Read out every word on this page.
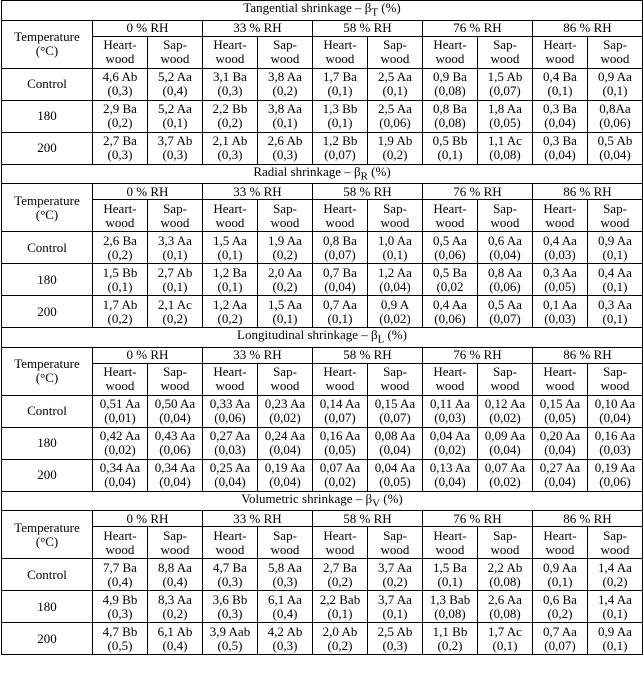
Tangential shrinkage – $\beta_T$ (%)										

Temperature
(°C)	0 % RH		33 % RH		58 % RH		76 % RH		86 % RH	

	Heart-
wood	Sap-
wood	Heart-
wood	Sap-
wood	Heart-
wood	Sap-
wood	Heart-
wood	Sap-
wood	Heart-
wood	Sap-
wood

Control	4,6 Ab
(0,3)	5,2 Aa
(0,4)	3,1 Ba
(0,3)	3,8 Aa
(0,2)	1,7 Ba
(0,1)	2,5 Aa
(0,1)	0,9 Ba
(0,08)	1,5 Ab
(0,07)	0,4 Ba
(0,1)	0,9 Aa
(0,1)

180	2,9 Ba
(0,2)	5,2 Aa
(0,1)	2,2 Bb
(0,2)	3,8 Aa
(0,1)	1,3 Bb
(0,1)	2,5 Aa
(0,06)	0,8 Ba
(0,08)	1,8 Aa
(0,05)	0,3 Ba
(0,04)	0,8Aa
(0,06)

200	2,7 Ba
(0,3)	3,7 Ab
(0,3)	2,1 Ab
(0,3)	2,6 Ab
(0,3)	1,2 Bb
(0,07)	1,9 Ab
(0,2)	0,5 Bb
(0,1)	1,1 Ac
(0,08)	0,3 Ba
(0,04)	0,5 Ab
(0,04)

Radial shrinkage – $\beta_R$ (%)										

Temperature
(°C)	0 % RH		33 % RH		58 % RH		76 % RH		86 % RH	

	Heart-
wood	Sap-
wood	Heart-
wood	Sap-
wood	Heart-
wood	Sap-
wood	Heart-
wood	Sap-
wood	Heart-
wood	Sap-
wood

Control	2,6 Ba
(0,2)	3,3 Aa
(0,1)	1,5 Aa
(0,1)	1,9 Aa
(0,2)	0,8 Ba
(0,07)	1,0 Aa
(0,1)	0,5 Aa
(0,06)	0,6 Aa
(0,04)	0,4 Aa
(0,03)	0,9 Aa
(0,1)

180	1,5 Bb
(0,1)	2,7 Ab
(0,1)	1,2 Ba
(0,1)	2,0 Aa
(0,2)	0,7 Ba
(0,04)	1,2 Aa
(0,04)	0,5 Ba
(0,02	0,8 Aa
(0,06)	0,3 Aa
(0,05)	0,4 Aa
(0,1)

200	1,7 Ab
(0,2)	2,1 Ac
(0,2)	1,2 Aa
(0,2)	1,5 Aa
(0,1)	0,7 Aa
(0,1)	0,9 A
(0,02)	0,4 Aa
(0,06)	0,5 Aa
(0,07)	0,1 Aa
(0,03)	0,3 Aa
(0,1)

Longitudinal shrinkage – $\beta_L$ (%)										

Temperature
(°C)	0 % RH		33 % RH		58 % RH		76 % RH		86 % RH	

	Heart-
wood	Sap-
wood	Heart-
wood	Sap-
wood	Heart-
wood	Sap-
wood	Heart-
wood	Sap-
wood	Heart-
wood	Sap-
wood

Control	0,51 Aa
(0,01)	0,50 Aa
(0,04)	0,33 Aa
(0,06)	0,23 Aa
(0,02)	0,14 Aa
(0,07)	0,15 Aa
(0,07)	0,11 Aa
(0,03)	0,12 Aa
(0,02)	0,15 Aa
(0,05)	0,10 Aa
(0,04)

180	0,42 Aa
(0,02)	0,43 Aa
(0,06)	0,27 Aa
(0,03)	0,24 Aa
(0,04)	0,16 Aa
(0,05)	0,08 Aa
(0,04)	0,04 Aa
(0,02)	0,09 Aa
(0,04)	0,20 Aa
(0,04)	0,16 Aa
(0,03)

200	0,34 Aa
(0,04)	0,34 Aa
(0,04)	0,25 Aa
(0,04)	0,19 Aa
(0,04)	0,07 Aa
(0,02)	0,04 Aa
(0,05)	0,13 Aa
(0,04)	0,07 Aa
(0,02)	0,27 Aa
(0,04)	0,19 Aa
(0,06)

Volumetric shrinkage – $\beta_V$ (%)										

Temperature
(°C)	0 % RH		33 % RH		58 % RH		76 % RH		86 % RH	

	Heart-
wood	Sap-
wood	Heart-
wood	Sap-
wood	Heart-
wood	Sap-
wood	Heart-
wood	Sap-
wood	Heart-
wood	Sap-
wood

Control	7,7 Ba
(0,4)	8,8 Aa
(0,4)	4,7 Ba
(0,3)	5,8 Aa
(0,3)	2,7 Ba
(0,2)	3,7 Aa
(0,2)	1,5 Ba
(0,1)	2,2 Ab
(0,08)	0,9 Aa
(0,1)	1,4 Aa
(0,2)

180	4,9 Bb
(0,3)	8,3 Aa
(0,2)	3,6 Bb
(0,3)	6,1 Aa
(0,4)	2,2 Bab
(0,1)	3,7 Aa
(0,1)	1,3 Bab
(0,08)	2,6 Aa
(0,08)	0,6 Ba
(0,2)	1,4 Aa
(0,1)

200	4,7 Bb
(0,5)	6,1 Ab
(0,4)	3,9 Aab
(0,5)	4,2 Ab
(0,3)	2,0 Ab
(0,2)	2,5 Ab
(0,3)	1,1 Bb
(0,2)	1,7 Ac
(0,1)	0,7 Aa
(0,07)	0,9 Aa
(0,1)
